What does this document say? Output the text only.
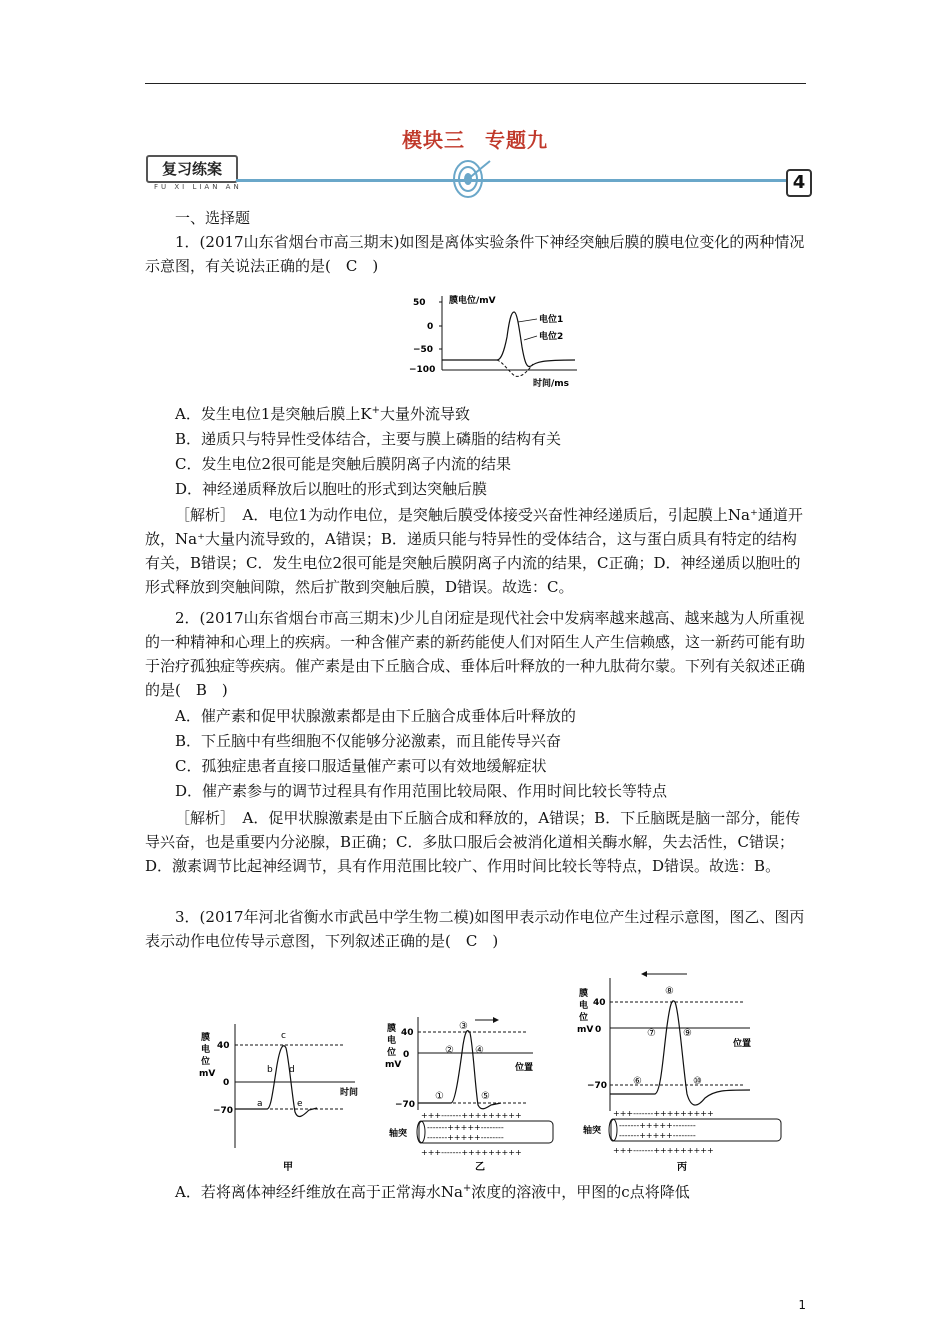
模块三 专题九
复习练案
FU XI LIAN AN	4

一、选择题

1．(2017山东省烟台市高三期末)如图是离体实验条件下神经突触后膜的膜电位变化的两种情况示意图，有关说法正确的是(　C　)

膜电位/mV
50
0
−50
−100
电位1
电位2
时间/ms

A．发生电位1是突触后膜上K+大量外流导致

B．递质只与特异性受体结合，主要与膜上磷脂的结构有关

C．发生电位2很可能是突触后膜阴离子内流的结果

D．神经递质释放后以胞吐的形式到达突触后膜

［解析］　A．电位1为动作电位，是突触后膜受体接受兴奋性神经递质后，引起膜上Na⁺通道开放，Na⁺大量内流导致的，A错误；B．递质只能与特异性的受体结合，这与蛋白质具有特定的结构有关，B错误；C．发生电位2很可能是突触后膜阴离子内流的结果，C正确；D．神经递质以胞吐的形式释放到突触间隙，然后扩散到突触后膜，D错误。故选：C。

2．(2017山东省烟台市高三期末)少儿自闭症是现代社会中发病率越来越高、越来越为人所重视的一种精神和心理上的疾病。一种含催产素的新药能使人们对陌生人产生信赖感，这一新药可能有助于治疗孤独症等疾病。催产素是由下丘脑合成、垂体后叶释放的一种九肽荷尔蒙。下列有关叙述正确的是(　B　)

A．催产素和促甲状腺激素都是由下丘脑合成垂体后叶释放的

B．下丘脑中有些细胞不仅能够分泌激素，而且能传导兴奋

C．孤独症患者直接口服适量催产素可以有效地缓解症状

D．催产素参与的调节过程具有作用范围比较局限、作用时间比较长等特点

［解析］　A．促甲状腺激素是由下丘脑合成和释放的，A错误；B．下丘脑既是脑一部分，能传导兴奋，也是重要内分泌腺，B正确；C．多肽口服后会被消化道相关酶水解，失去活性，C错误；D．激素调节比起神经调节，具有作用范围比较广、作用时间比较长等特点，D错误。故选：B。

3．(2017年河北省衡水市武邑中学生物二模)如图甲表示动作电位产生过程示意图，图乙、图丙表示动作电位传导示意图，下列叙述正确的是(　C　)

膜
电
位
mV
40
0
−70
时间
a
b
c
d
e
甲
膜
电
位
mV
40
0
−70
位置
①
②
③
④
⑤
+++-------+++++++++
-------+++++--------
-------+++++--------
轴突
+++-------+++++++++
乙
膜
电
位
mV
40
0
−70
位置
⑥
⑦
⑧
⑨
⑩
+++-------+++++++++
-------+++++--------
-------+++++--------
轴突
+++-------+++++++++
丙

A．若将离体神经纤维放在高于正常海水Na+浓度的溶液中，甲图的c点将降低

1
